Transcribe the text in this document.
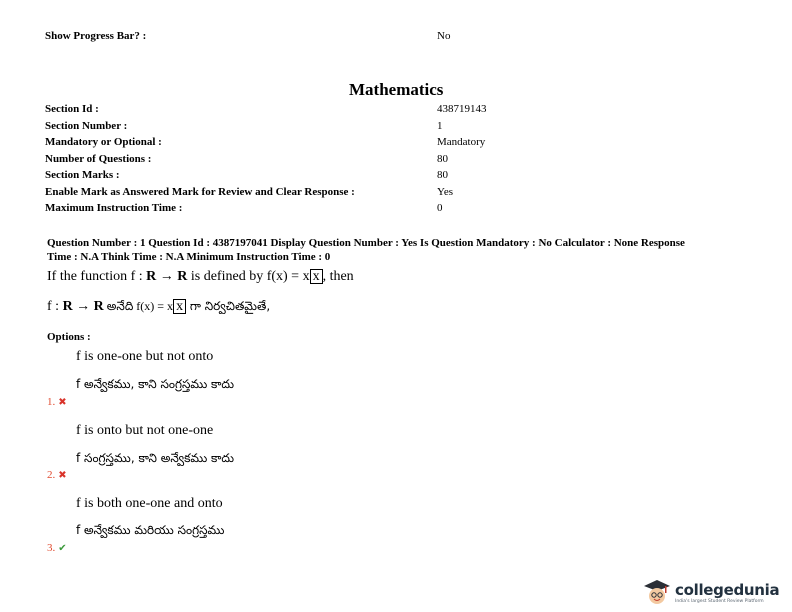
Show Progress Bar? :	No
Mathematics
Section Id :	438719143
Section Number :	1
Mandatory or Optional :	Mandatory
Number of Questions :	80
Section Marks :	80
Enable Mark as Answered Mark for Review and Clear Response :	Yes
Maximum Instruction Time :	0
Question Number : 1 Question Id : 4387197041 Display Question Number : Yes Is Question Mandatory : No Calculator : None Response
Time : N.A Think Time : N.A Minimum Instruction Time : 0
If the function f : R → R is defined by f(x) = x x , then
f : R → R అనేది f(x) = x x గా నిర్వచితమైతే,
Options :
f is one-one but not onto
f అన్వేకము, కాని సంగ్రస్తము కాదు
1. ✖
f is onto but not one-one
f సంగ్రస్తము, కాని అన్వేకము కాదు
2. ✖
f is both one-one and onto
f అన్వేకము మరియు సంగ్రస్తము
3. ✔
collegedunia
India's largest Student Review Platform
